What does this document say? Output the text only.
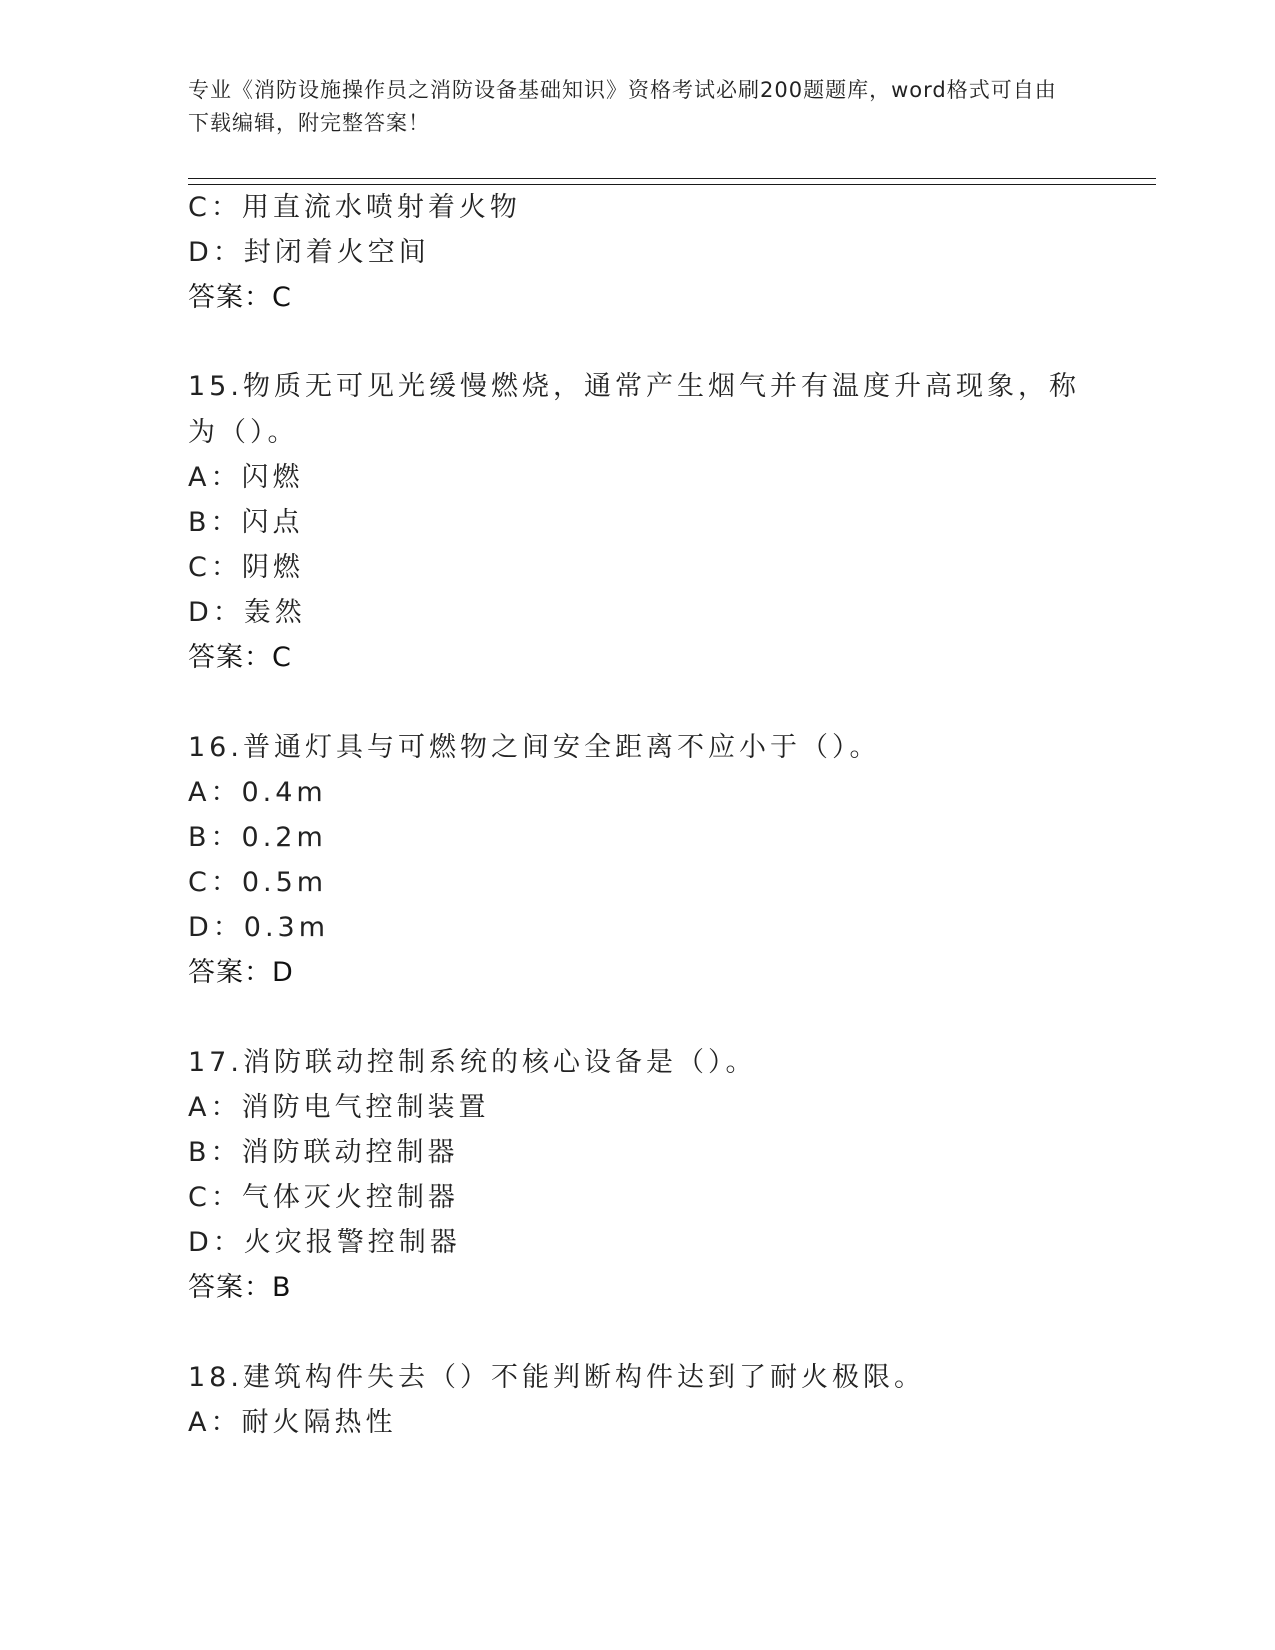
专业《消防设施操作员之消防设备基础知识》资格考试必刷200题题库，word格式可自由下载编辑，附完整答案！
C：用直流水喷射着火物
D：封闭着火空间
答案：C
15.物质无可见光缓慢燃烧，通常产生烟气并有温度升高现象，称为（）。
A：闪燃
B：闪点
C：阴燃
D：轰然
答案：C
16.普通灯具与可燃物之间安全距离不应小于（）。
A：0.4m
B：0.2m
C：0.5m
D：0.3m
答案：D
17.消防联动控制系统的核心设备是（）。
A：消防电气控制装置
B：消防联动控制器
C：气体灭火控制器
D：火灾报警控制器
答案：B
18.建筑构件失去（）不能判断构件达到了耐火极限。
A：耐火隔热性
